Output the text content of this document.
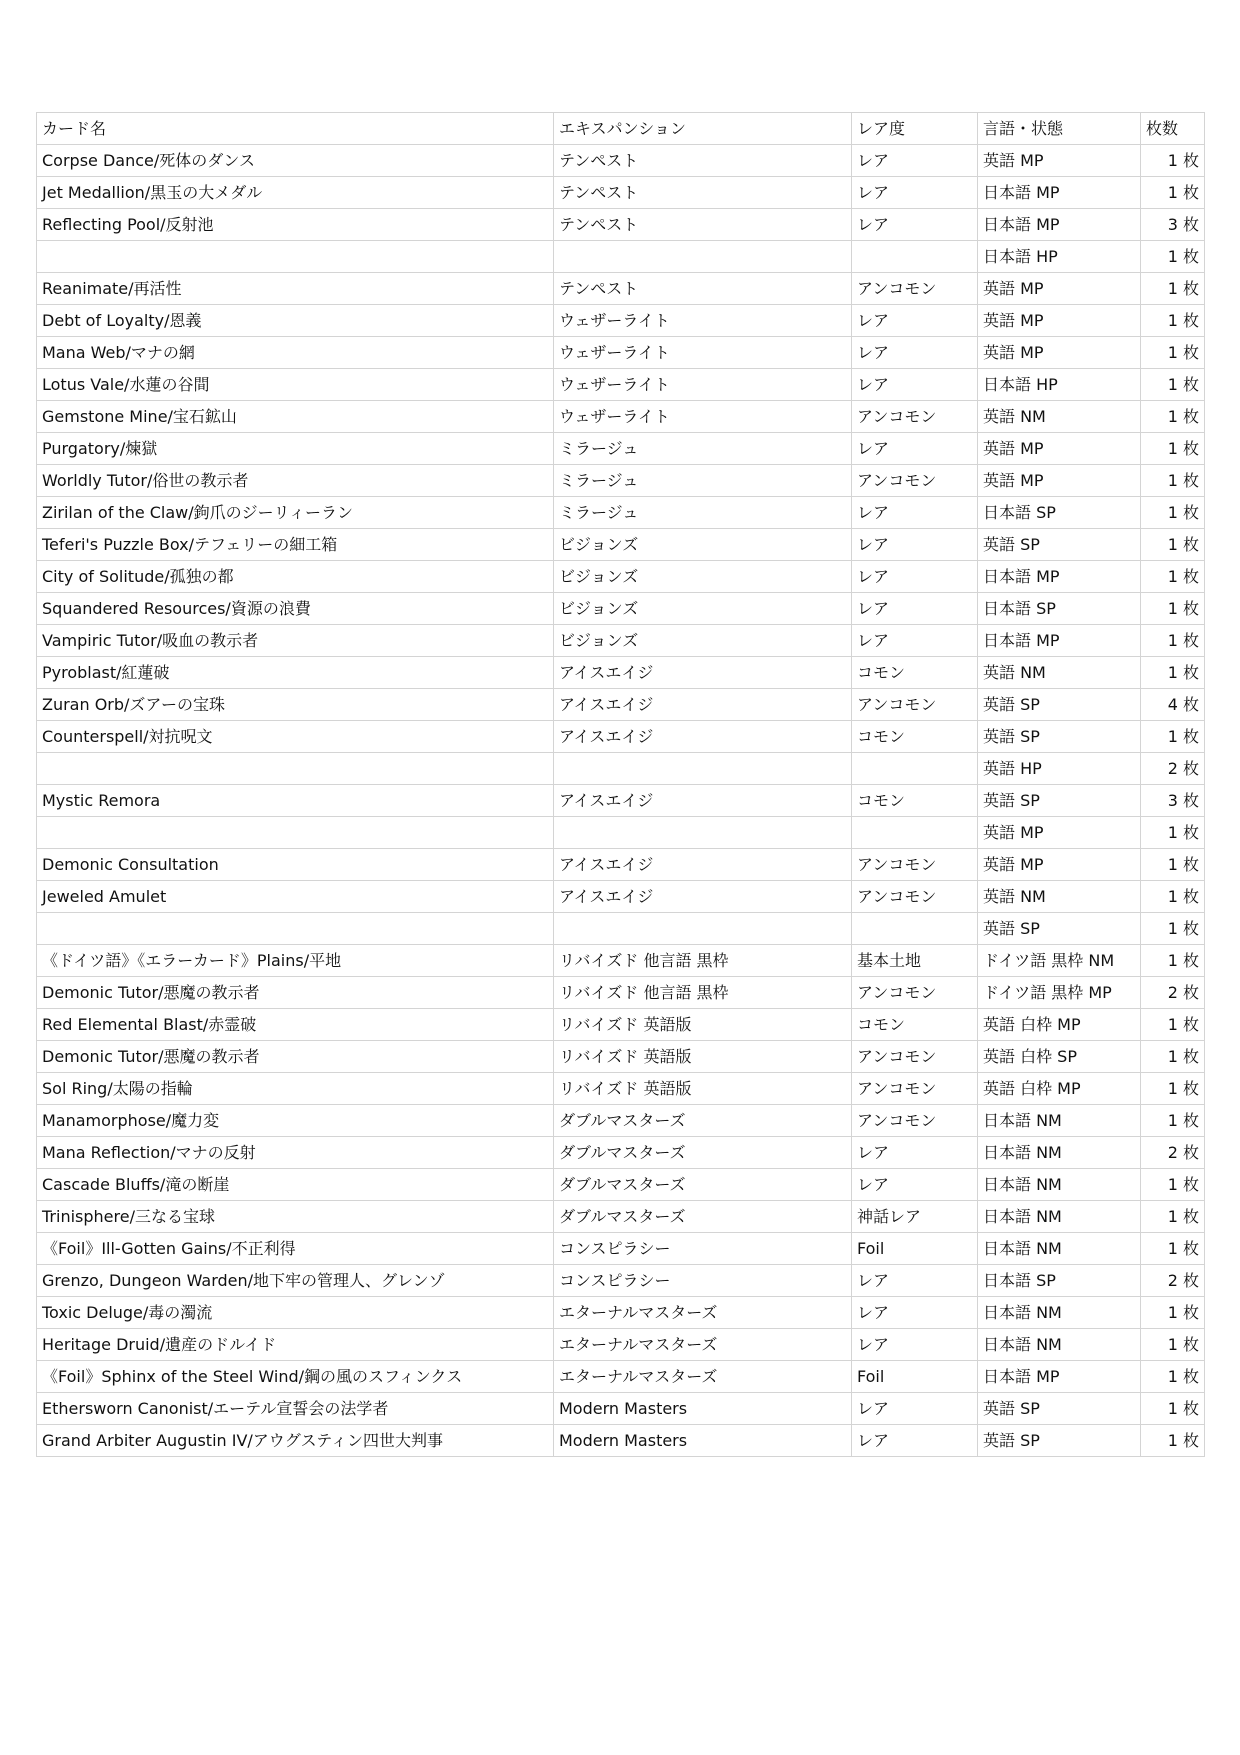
カード名	エキスパンション	レア度	言語・状態	枚数
Corpse Dance/死体のダンス	テンペスト	レア	英語 MP	1 枚
Jet Medallion/黒玉の大メダル	テンペスト	レア	日本語 MP	1 枚
Reflecting Pool/反射池	テンペスト	レア	日本語 MP	3 枚
			日本語 HP	1 枚
Reanimate/再活性	テンペスト	アンコモン	英語 MP	1 枚
Debt of Loyalty/恩義	ウェザーライト	レア	英語 MP	1 枚
Mana Web/マナの網	ウェザーライト	レア	英語 MP	1 枚
Lotus Vale/水蓮の谷間	ウェザーライト	レア	日本語 HP	1 枚
Gemstone Mine/宝石鉱山	ウェザーライト	アンコモン	英語 NM	1 枚
Purgatory/煉獄	ミラージュ	レア	英語 MP	1 枚
Worldly Tutor/俗世の教示者	ミラージュ	アンコモン	英語 MP	1 枚
Zirilan of the Claw/鉤爪のジーリィーラン	ミラージュ	レア	日本語 SP	1 枚
Teferi's Puzzle Box/テフェリーの細工箱	ビジョンズ	レア	英語 SP	1 枚
City of Solitude/孤独の都	ビジョンズ	レア	日本語 MP	1 枚
Squandered Resources/資源の浪費	ビジョンズ	レア	日本語 SP	1 枚
Vampiric Tutor/吸血の教示者	ビジョンズ	レア	日本語 MP	1 枚
Pyroblast/紅蓮破	アイスエイジ	コモン	英語 NM	1 枚
Zuran Orb/ズアーの宝珠	アイスエイジ	アンコモン	英語 SP	4 枚
Counterspell/対抗呪文	アイスエイジ	コモン	英語 SP	1 枚
			英語 HP	2 枚
Mystic Remora	アイスエイジ	コモン	英語 SP	3 枚
			英語 MP	1 枚
Demonic Consultation	アイスエイジ	アンコモン	英語 MP	1 枚
Jeweled Amulet	アイスエイジ	アンコモン	英語 NM	1 枚
			英語 SP	1 枚
《ドイツ語》《エラーカード》Plains/平地	リバイズド 他言語 黒枠	基本土地	ドイツ語 黒枠 NM	1 枚
Demonic Tutor/悪魔の教示者	リバイズド 他言語 黒枠	アンコモン	ドイツ語 黒枠 MP	2 枚
Red Elemental Blast/赤霊破	リバイズド 英語版	コモン	英語 白枠 MP	1 枚
Demonic Tutor/悪魔の教示者	リバイズド 英語版	アンコモン	英語 白枠 SP	1 枚
Sol Ring/太陽の指輪	リバイズド 英語版	アンコモン	英語 白枠 MP	1 枚
Manamorphose/魔力変	ダブルマスターズ	アンコモン	日本語 NM	1 枚
Mana Reflection/マナの反射	ダブルマスターズ	レア	日本語 NM	2 枚
Cascade Bluffs/滝の断崖	ダブルマスターズ	レア	日本語 NM	1 枚
Trinisphere/三なる宝球	ダブルマスターズ	神話レア	日本語 NM	1 枚
《Foil》Ill-Gotten Gains/不正利得	コンスピラシー	Foil	日本語 NM	1 枚
Grenzo, Dungeon Warden/地下牢の管理人、グレンゾ	コンスピラシー	レア	日本語 SP	2 枚
Toxic Deluge/毒の濁流	エターナルマスターズ	レア	日本語 NM	1 枚
Heritage Druid/遺産のドルイド	エターナルマスターズ	レア	日本語 NM	1 枚
《Foil》Sphinx of the Steel Wind/鋼の風のスフィンクス	エターナルマスターズ	Foil	日本語 MP	1 枚
Ethersworn Canonist/エーテル宣誓会の法学者	Modern Masters	レア	英語 SP	1 枚
Grand Arbiter Augustin IV/アウグスティン四世大判事	Modern Masters	レア	英語 SP	1 枚
